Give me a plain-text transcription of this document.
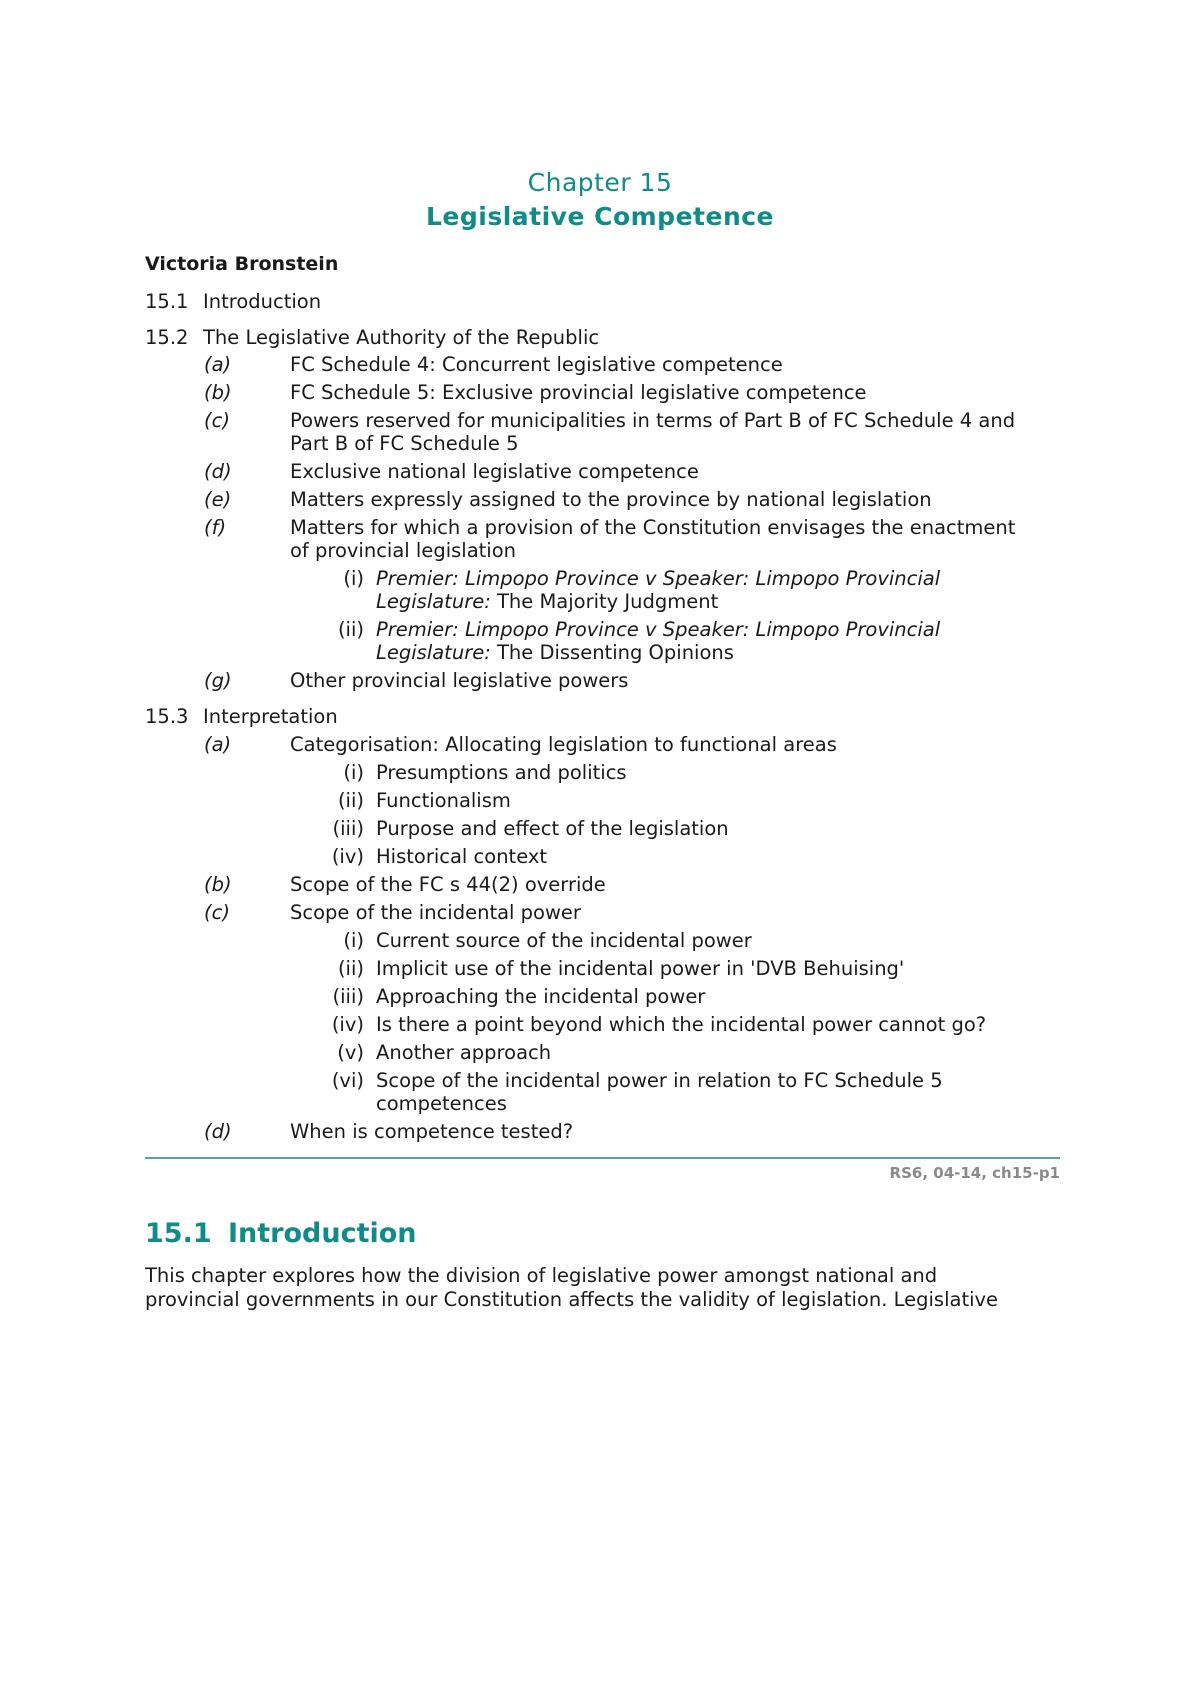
Chapter 15
Legislative Competence
Victoria Bronstein
15.1 Introduction
15.2 The Legislative Authority of the Republic
(a)	FC Schedule 4: Concurrent legislative competence
(b)	FC Schedule 5: Exclusive provincial legislative competence
(c)	Powers reserved for municipalities in terms of Part B of FC Schedule 4 and
Part B of FC Schedule 5
(d)	Exclusive national legislative competence
(e)	Matters expressly assigned to the province by national legislation
(f)	Matters for which a provision of the Constitution envisages the enactment
of provincial legislation
(i) Premier: Limpopo Province v Speaker: Limpopo Provincial
Legislature: The Majority Judgment
(ii) Premier: Limpopo Province v Speaker: Limpopo Provincial
Legislature: The Dissenting Opinions
(g)	Other provincial legislative powers
15.3 Interpretation
(a)	Categorisation: Allocating legislation to functional areas
(i) Presumptions and politics
(ii) Functionalism
(iii) Purpose and effect of the legislation
(iv) Historical context
(b)	Scope of the FC s 44(2) override
(c)	Scope of the incidental power
(i) Current source of the incidental power
(ii) Implicit use of the incidental power in 'DVB Behuising'
(iii) Approaching the incidental power
(iv) Is there a point beyond which the incidental power cannot go?
(v) Another approach
(vi) Scope of the incidental power in relation to FC Schedule 5
competences
(d)	When is competence tested?
RS6, 04-14, ch15-p1
15.1 Introduction
This chapter explores how the division of legislative power amongst national and
provincial governments in our Constitution affects the validity of legislation. Legislative
